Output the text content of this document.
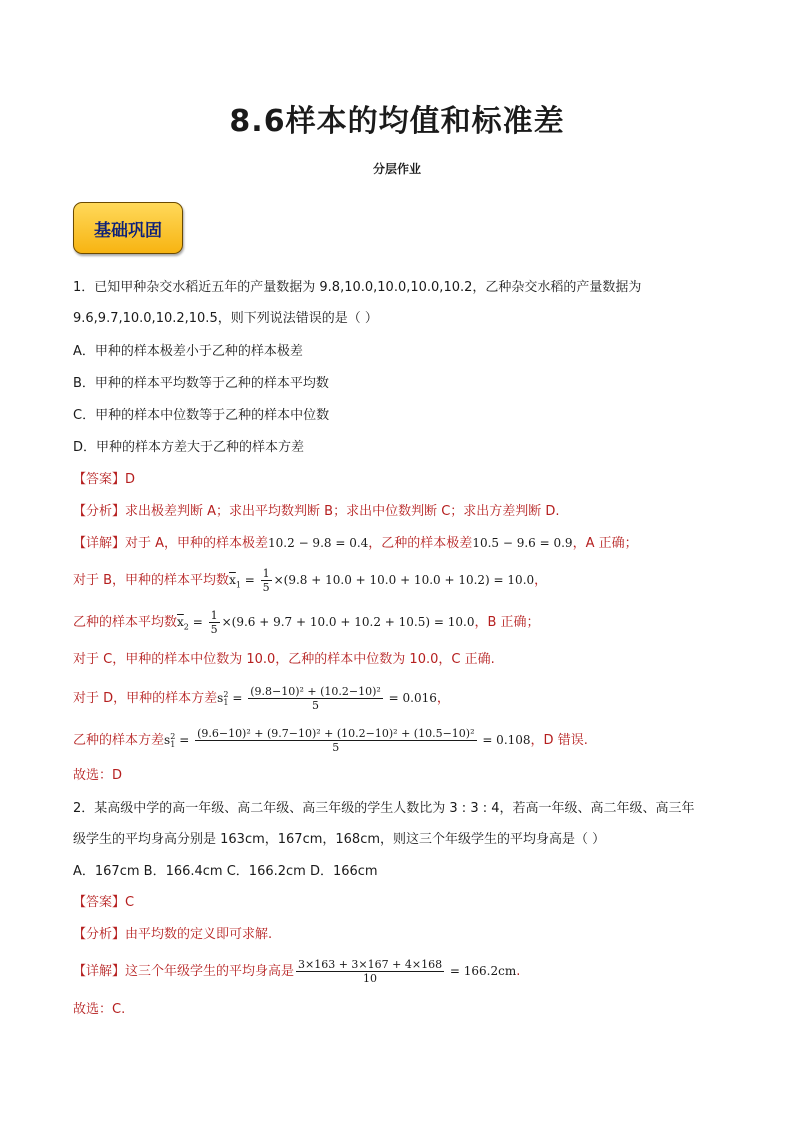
8.6样本的均值和标准差
分层作业
基础巩固
1．已知甲种杂交水稻近五年的产量数据为 9.8,10.0,10.0,10.0,10.2，乙种杂交水稻的产量数据为
9.6,9.7,10.0,10.2,10.5，则下列说法错误的是（ ）
A．甲种的样本极差小于乙种的样本极差
B．甲种的样本平均数等于乙种的样本平均数
C．甲种的样本中位数等于乙种的样本中位数
D．甲种的样本方差大于乙种的样本方差
【答案】D
【分析】求出极差判断 A；求出平均数判断 B；求出中位数判断 C；求出方差判断 D.
【详解】对于 A，甲种的样本极差10.2 − 9.8 = 0.4，乙种的样本极差10.5 − 9.6 = 0.9，A 正确；
对于 B，甲种的样本平均数$\overline{x}_1 = \frac{1}{5} \times(9.8 + 10.0 + 10.0 + 10.0 + 10.2) = 10.0$，
乙种的样本平均数$\overline{x}_2 = \frac{1}{5} \times(9.6 + 9.7 + 10.0 + 10.2 + 10.5) = 10.0$，B 正确；
对于 C，甲种的样本中位数为 10.0，乙种的样本中位数为 10.0，C 正确.
对于 D，甲种的样本方差$s^2_1 = \frac{\text{(9.8−10)² + (10.2−10)²}}{5} = 0.016$，
乙种的样本方差$s^2_1 = \frac{\text{(9.6−10)² + (9.7−10)² + (10.2−10)² + (10.5−10)²}}{5} = 0.108$，D 错误.
故选：D
2．某高级中学的高一年级、高二年级、高三年级的学生人数比为 3 : 3 : 4，若高一年级、高二年级、高三年
级学生的平均身高分别是 163cm，167cm，168cm，则这三个年级学生的平均身高是（ ）
A．167cm B．166.4cm C．166.2cm D．166cm
【答案】C
【分析】由平均数的定义即可求解.
【详解】这三个年级学生的平均身高是 $\frac{3\times 163 + 3\times 167 + 4\times 168}{10} = 166.2cm$.
故选：C.
